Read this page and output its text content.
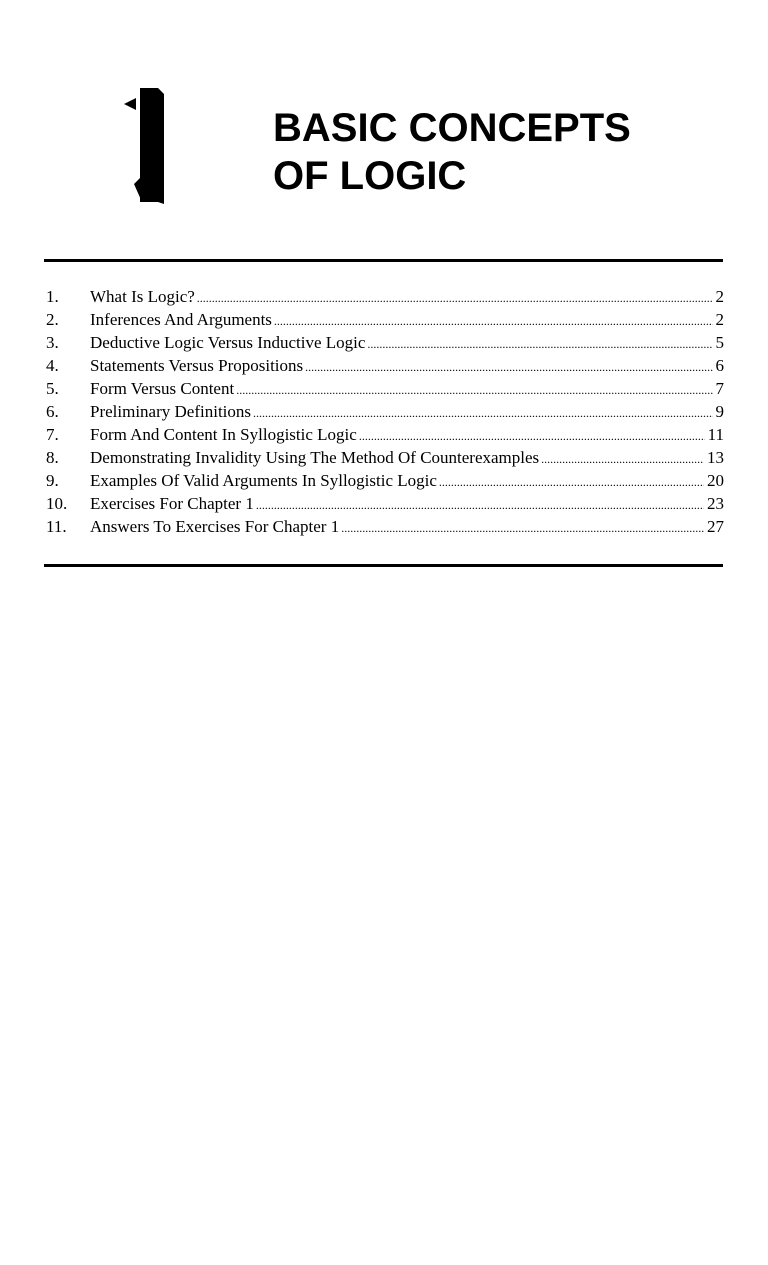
BASIC CONCEPTS
OF LOGIC
1.	What Is Logic? .....	2
2.	Inferences And Arguments .....	2
3.	Deductive Logic Versus Inductive Logic .....	5
4.	Statements Versus Propositions .....	6
5.	Form Versus Content .....	7
6.	Preliminary Definitions .....	9
7.	Form And Content In Syllogistic Logic .....	11
8.	Demonstrating Invalidity Using The Method Of Counterexamples .....	13
9.	Examples Of Valid Arguments In Syllogistic Logic .....	20
10.	Exercises For Chapter 1 .....	23
11.	Answers To Exercises For Chapter 1 .....	27
